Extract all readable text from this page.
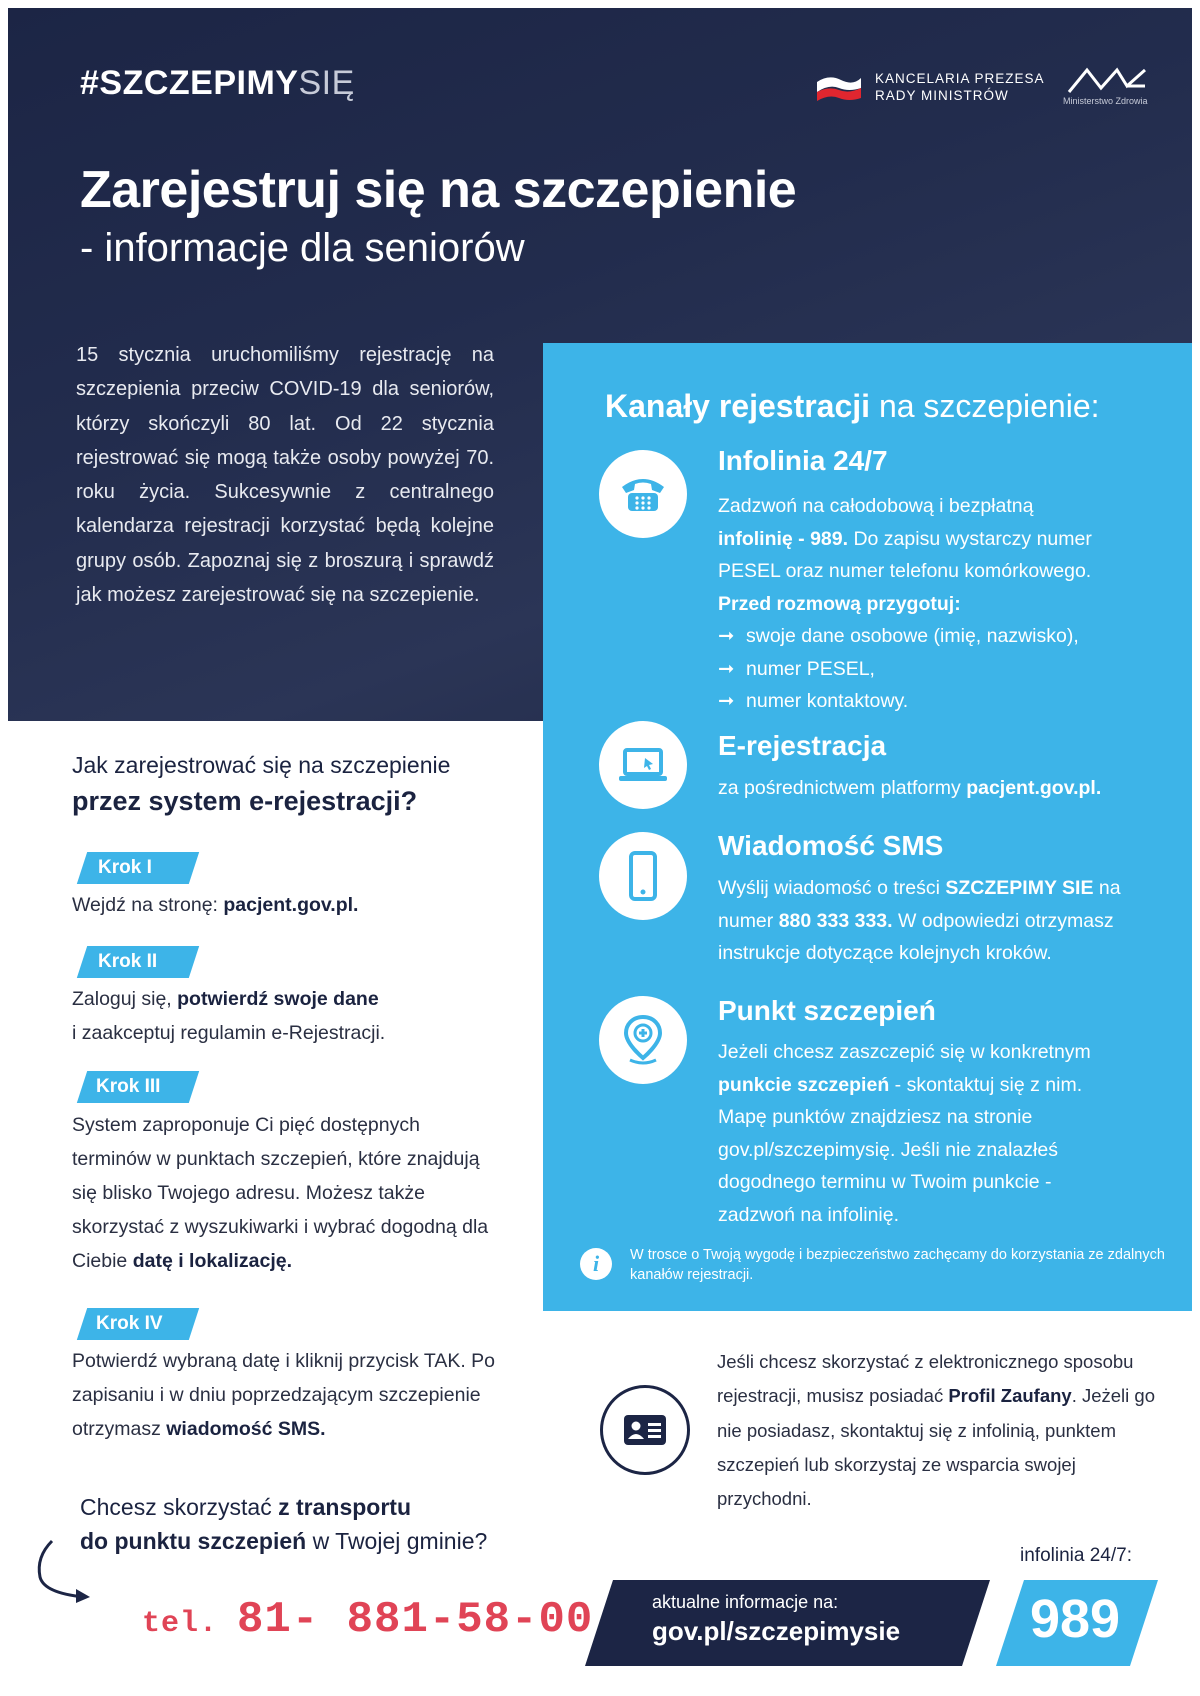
#SZCZEPIMYSIĘ	KANCELARIA PREZESA
RADY MINISTRÓW	Ministerstwo Zdrowia
Zarejestruj się na szczepienie
- informacje dla seniorów
15 stycznia uruchomiliśmy rejestrację na szczepienia przeciw COVID-19 dla seniorów, którzy skończyli 80 lat. Od 22 stycznia rejestrować się mogą także osoby powyżej 70. roku życia. Sukcesywnie z centralnego kalendarza rejestracji korzystać będą kolejne grupy osób. Zapoznaj się z broszurą i sprawdź jak możesz zarejestrować się na szczepienie.
Kanały rejestracji na szczepienie:
Infolinia 24/7
Zadzwoń na całodobową i bezpłatną
infolinię - 989. Do zapisu wystarczy numer
PESEL oraz numer telefonu komórkowego.
Przed rozmową przygotuj:
➞ swoje dane osobowe (imię, nazwisko),
➞ numer PESEL,
➞ numer kontaktowy.
E-rejestracja
za pośrednictwem platformy pacjent.gov.pl.
Wiadomość SMS
Wyślij wiadomość o treści SZCZEPIMY SIE na
numer 880 333 333. W odpowiedzi otrzymasz
instrukcje dotyczące kolejnych kroków.
Punkt szczepień
Jeżeli chcesz zaszczepić się w konkretnym
punkcie szczepień - skontaktuj się z nim.
Mapę punktów znajdziesz na stronie
gov.pl/szczepimysię. Jeśli nie znalazłeś
dogodnego terminu w Twoim punkcie -
zadzwoń na infolinię.
i	W trosce o Twoją wygodę i bezpieczeństwo zachęcamy do korzystania ze zdalnych kanałów rejestracji.
Jak zarejestrować się na szczepienie
przez system e-rejestracji?
Krok I
Wejdź na stronę: pacjent.gov.pl.
Krok II
Zaloguj się, potwierdź swoje dane
i zaakceptuj regulamin e-Rejestracji.
Krok III
System zaproponuje Ci pięć dostępnych terminów w punktach szczepień, które znajdują się blisko Twojego adresu. Możesz także skorzystać z wyszukiwarki i wybrać dogodną dla Ciebie datę i lokalizację.
Krok IV
Potwierdź wybraną datę i kliknij przycisk TAK. Po zapisaniu i w dniu poprzedzającym szczepienie otrzymasz wiadomość SMS.
Chcesz skorzystać z transportu
do punktu szczepień w Twojej gminie?
tel. 81- 881-58-00
Jeśli chcesz skorzystać z elektronicznego sposobu rejestracji, musisz posiadać Profil Zaufany. Jeżeli go nie posiadasz, skontaktuj się z infolinią, punktem szczepień lub skorzystaj ze wsparcia swojej przychodni.
infolinia 24/7:
aktualne informacje na:
gov.pl/szczepimysie 989
